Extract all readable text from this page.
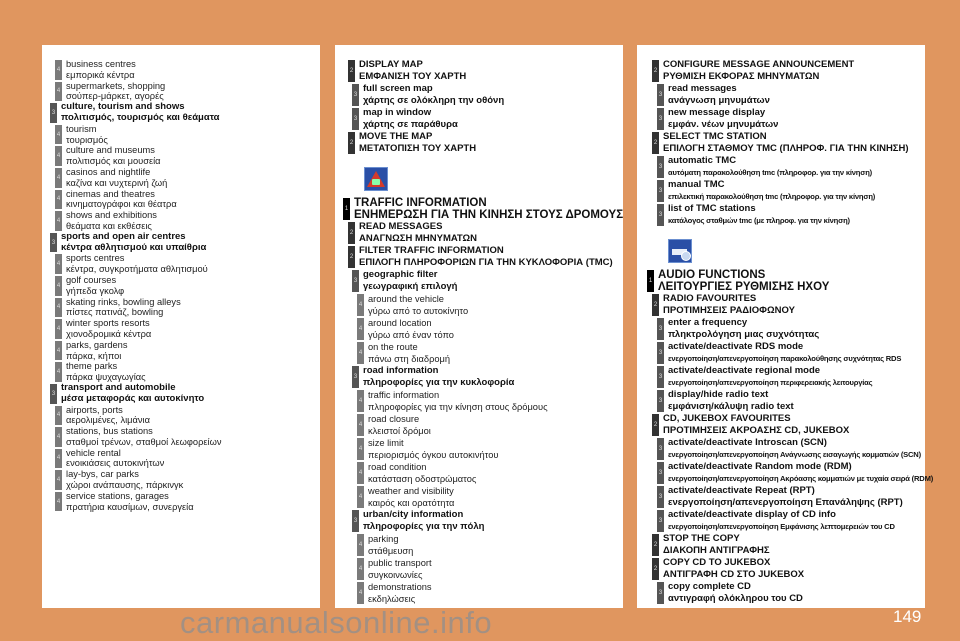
4
business centres
εμπορικά κέντρα
4
supermarkets, shopping
σούπερ-μάρκετ, αγορές
3
culture, tourism and shows
πολιτισμός, τουρισμός και θεάματα
4
tourism
τουρισμός
4
culture and museums
πολιτισμός και μουσεία
4
casinos and nightlife
καζίνα και νυχτερινή ζωή
4
cinemas and theatres
κινηματογράφοι και θέατρα
4
shows and exhibitions
θεάματα και εκθέσεις
3
sports and open air centres
κέντρα αθλητισμού και υπαίθρια
4
sports centres
κέντρα, συγκροτήματα αθλητισμού
4
golf courses
γήπεδα γκολφ
4
skating rinks, bowling alleys
πίστες πατινάζ, bowling
4
winter sports resorts
χιονοδρομικά κέντρα
4
parks, gardens
πάρκα, κήποι
4
theme parks
πάρκα ψυχαγωγίας
3
transport and automobile
μέσα μεταφοράς και αυτοκίνητο
4
airports, ports
αερολιμένες, λιμάνια
4
stations, bus stations
σταθμοί τρένων, σταθμοί λεωφορείων
4
vehicle rental
ενοικιάσεις αυτοκινήτων
4
lay-bys, car parks
χώροι ανάπαυσης, πάρκινγκ
4
service stations, garages
πρατήρια καυσίμων, συνεργεία
2
DISPLAY MAP
ΕΜΦΑΝΙΣΗ ΤΟΥ ΧΑΡΤΗ
3
full screen map
χάρτης σε ολόκληρη την οθόνη
3
map in window
χάρτης σε παράθυρα
2
MOVE THE MAP
ΜΕΤΑΤΟΠΙΣΗ ΤΟΥ ΧΑΡΤΗ
1 TRAFFIC INFORMATION
ΕΝΗΜΕΡΩΣΗ ΓΙΑ ΤΗΝ ΚΙΝΗΣΗ ΣΤΟΥΣ ΔΡΟΜΟΥΣ
2
READ MESSAGES
ΑΝΑΓΝΩΣΗ ΜΗΝΥΜΑΤΩΝ
2
FILTER TRAFFIC INFORMATION
ΕΠΙΛΟΓΗ ΠΛΗΡΟΦΟΡΙΩΝ ΓΙΑ ΤΗΝ ΚΥΚΛΟΦΟΡΙΑ (TMC)
3
geographic filter
γεωγραφική επιλογή
4
around the vehicle
γύρω από το αυτοκίνητο
4
around location
γύρω από έναν τόπο
4
on the route
πάνω στη διαδρομή
3
road information
πληροφορίες για την κυκλοφορία
4
traffic information
πληροφορίες για την κίνηση στους δρόμους
4
road closure
κλειστοί δρόμοι
4
size limit
περιορισμός όγκου αυτοκινήτου
4
road condition
κατάσταση οδοστρώματος
4
weather and visibility
καιρός και ορατότητα
3
urban/city information
πληροφορίες για την πόλη
4
parking
στάθμευση
4
public transport
συγκοινωνίες
4
demonstrations
εκδηλώσεις
2
CONFIGURE MESSAGE ANNOUNCEMENT
ΡΥΘΜΙΣΗ ΕΚΦΟΡΑΣ ΜΗΝΥΜΑΤΩΝ
3
read messages
ανάγνωση μηνυμάτων
3
new message display
εμφάν. νέων μηνυμάτων
2
SELECT TMC STATION
ΕΠΙΛΟΓΗ ΣΤΑΘΜΟΥ TMC (ΠΛΗΡΟΦ. ΓΙΑ ΤΗΝ ΚΙΝΗΣΗ)
3
automatic TMC
αυτόματη παρακολούθηση tmc (πληροφορ. για την κίνηση)
3
manual TMC
επιλεκτική παρακολούθηση tmc (πληροφορ. για την κίνηση)
3
list of TMC stations
κατάλογος σταθμών tmc (με πληροφ. για την κίνηση)
1 AUDIO FUNCTIONS
ΛΕΙΤΟΥΡΓΙΕΣ ΡΥΘΜΙΣΗΣ ΗΧΟΥ
2
RADIO FAVOURITES
ΠΡΟΤΙΜΗΣΕΙΣ ΡΑΔΙΟΦΩΝΟΥ
3
enter a frequency
πληκτρολόγηση μιας συχνότητας
3
activate/deactivate RDS mode
ενεργοποίηση/απενεργοποίηση παρακολούθησης συχνότητας RDS
3
activate/deactivate regional mode
ενεργοποίηση/απενεργοποίηση περιφερειακής λειτουργίας
3
display/hide radio text
εμφάνιση/κάλυψη radio text
2
CD, JUKEBOX FAVOURITES
ΠΡΟΤΙΜΗΣΕΙΣ ΑΚΡΟΑΣΗΣ CD, JUKEBOX
3
activate/deactivate Introscan (SCN)
ενεργοποίηση/απενεργοποίηση Ανάγνωσης εισαγωγής κομματιών (SCN)
3
activate/deactivate Random mode (RDM)
ενεργοποίηση/απενεργοποίηση Ακρόασης κομματιών με τυχαία σειρά (RDM)
3
activate/deactivate Repeat (RPT)
ενεργοποίηση/απενεργοποίηση Επανάληψης (RPT)
3
activate/deactivate display of CD info
ενεργοποίηση/απενεργοποίηση Εμφάνισης λεπτομερειών του CD
2
STOP THE COPY
ΔΙΑΚΟΠΗ ΑΝΤΙΓΡΑΦΗΣ
2
COPY CD TO JUKEBOX
ΑΝΤΙΓΡΑΦΗ CD ΣΤΟ JUKEBOX
3
copy complete CD
αντιγραφή ολόκληρου του CD
149
carmanualsonline.info
